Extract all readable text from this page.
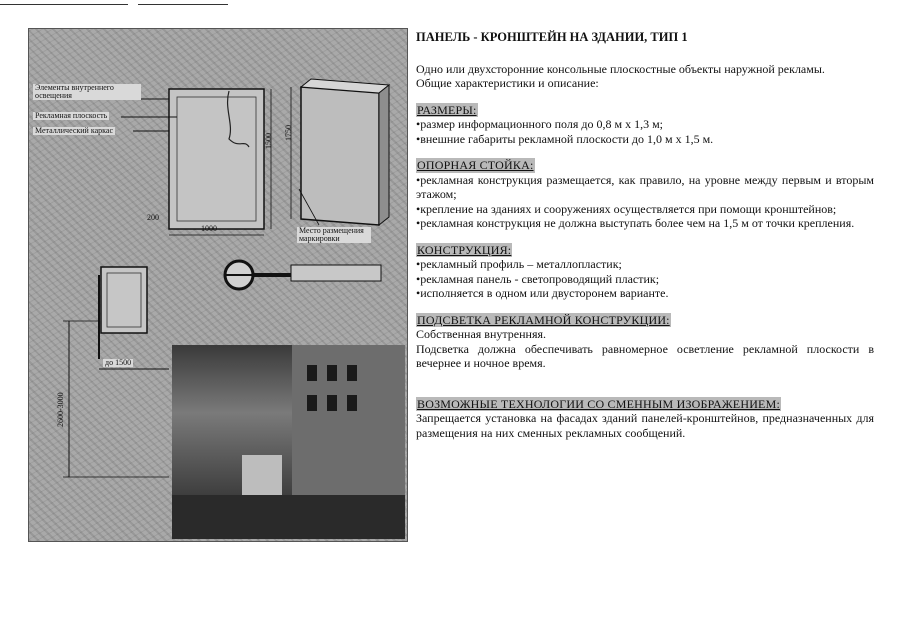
Элементы внутреннего освещения
Рекламная плоскость
Металлический каркас
1000
200
1500 1750
Место размещения маркировки
до 1500
2600-3000
ПАНЕЛЬ - КРОНШТЕЙН НА ЗДАНИИ, ТИП 1

Одно или двухсторонние консольные плоскостные объекты наружной рекламы.

Общие характеристики и описание:

РАЗМЕРЫ:

•размер информационного поля до 0,8 м х 1,3 м;

•внешние габариты рекламной плоскости до 1,0 м х 1,5 м.

ОПОРНАЯ СТОЙКА:

•рекламная конструкция размещается, как правило, на уровне между первым и вторым этажом;

•крепление на зданиях и сооружениях осуществляется при помощи кронштейнов;

•рекламная конструкция не должна выступать более чем на 1,5 м от точки крепления.

КОНСТРУКЦИЯ:

•рекламный профиль – металлопластик;

•рекламная панель - светопроводящий пластик;

•исполняется в одном или двусторонем варианте.

ПОДСВЕТКА РЕКЛАМНОЙ КОНСТРУКЦИИ:

Собственная внутренняя.

Подсветка должна обеспечивать равномерное осветление рекламной плоскости в вечернее и ночное время.

ВОЗМОЖНЫЕ ТЕХНОЛОГИИ СО СМЕННЫМ ИЗОБРАЖЕНИЕМ:

Запрещается установка на фасадах зданий панелей-кронштейнов, предназначенных для размещения на них сменных рекламных сообщений.
